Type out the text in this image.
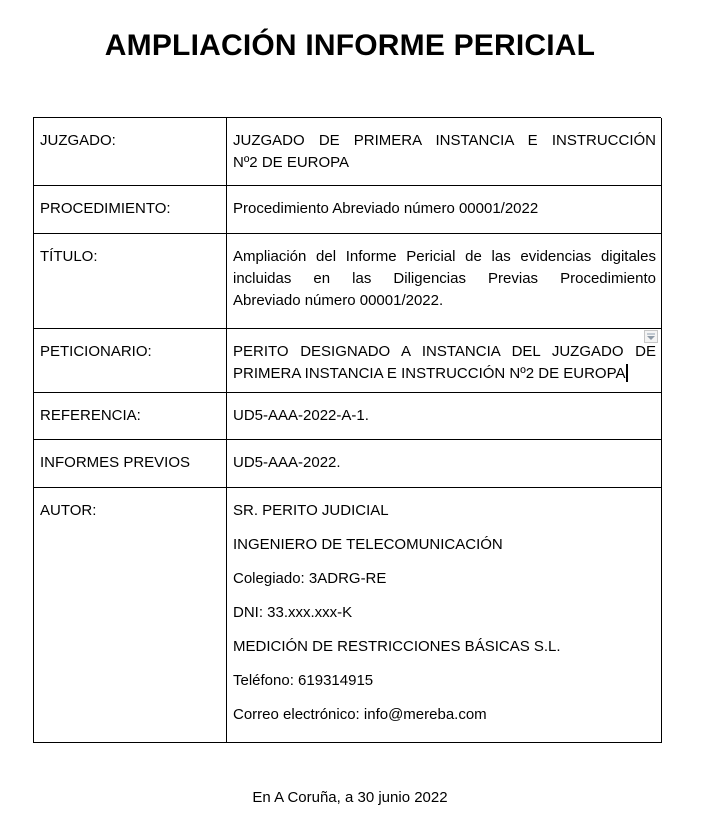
AMPLIACIÓN INFORME PERICIAL
JUZGADO:	JUZGADO DE PRIMERA INSTANCIA E INSTRUCCIÓN
Nº2 DE EUROPA
PROCEDIMIENTO:	Procedimiento Abreviado número 00001/2022
TÍTULO:	Ampliación del Informe Pericial de las evidencias digitales
incluidas en las Diligencias Previas Procedimiento
Abreviado número 00001/2022.
PETICIONARIO:	PERITO DESIGNADO A INSTANCIA DEL JUZGADO DE
PRIMERA INSTANCIA E INSTRUCCIÓN Nº2 DE EUROPA
REFERENCIA:	UD5-AAA-2022-A-1.
INFORMES PREVIOS	UD5-AAA-2022.
AUTOR:	SR. PERITO JUDICIAL

INGENIERO DE TELECOMUNICACIÓN

Colegiado: 3ADRG-RE

DNI: 33.xxx.xxx-K

MEDICIÓN DE RESTRICCIONES BÁSICAS S.L.

Teléfono: 619314915

Correo electrónico: info@mereba.com

En A Coruña, a 30 junio 2022
